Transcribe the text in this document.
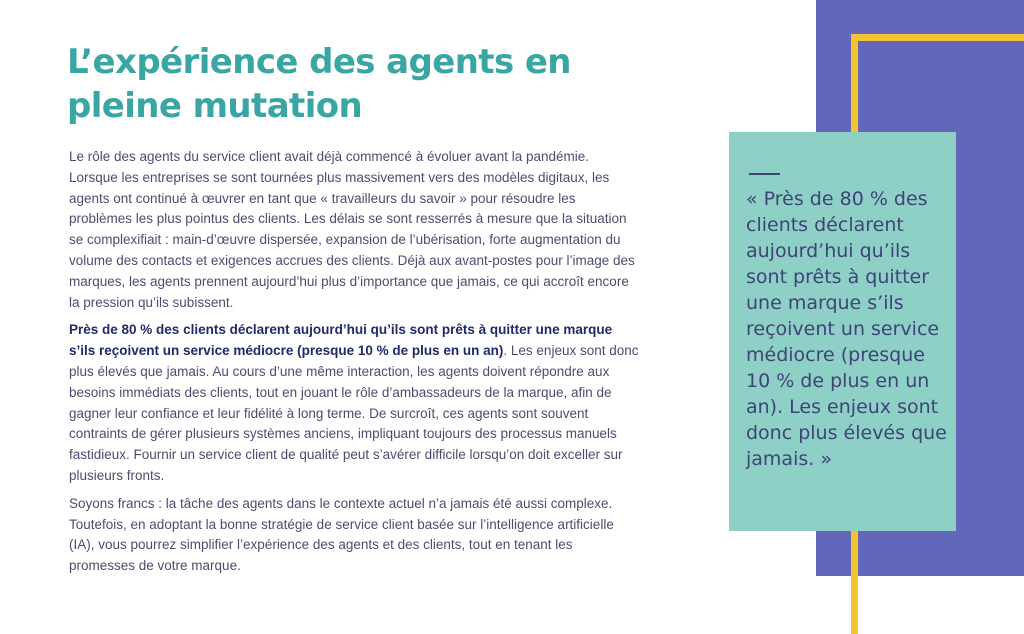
L’expérience des agents en pleine mutation

Le rôle des agents du service client avait déjà commencé à évoluer avant la pandémie. Lorsque les entreprises se sont tournées plus massivement vers des modèles digitaux, les agents ont continué à œuvrer en tant que « travailleurs du savoir » pour résoudre les problèmes les plus pointus des clients. Les délais se sont resserrés à mesure que la situation se complexifiait : main-d’œuvre dispersée, expansion de l’ubérisation, forte augmentation du volume des contacts et exigences accrues des clients. Déjà aux avant-postes pour l’image des marques, les agents prennent aujourd’hui plus d’importance que jamais, ce qui accroît encore la pression qu’ils subissent.

Près de 80 % des clients déclarent aujourd’hui qu’ils sont prêts à quitter une marque s’ils reçoivent un service médiocre (presque 10 % de plus en un an). Les enjeux sont donc plus élevés que jamais. Au cours d’une même interaction, les agents doivent répondre aux besoins immédiats des clients, tout en jouant le rôle d’ambassadeurs de la marque, afin de gagner leur confiance et leur fidélité à long terme. De surcroît, ces agents sont souvent contraints de gérer plusieurs systèmes anciens, impliquant toujours des processus manuels fastidieux. Fournir un service client de qualité peut s’avérer difficile lorsqu’on doit exceller sur plusieurs fronts.

Soyons francs : la tâche des agents dans le contexte actuel n’a jamais été aussi complexe. Toutefois, en adoptant la bonne stratégie de service client basée sur l’intelligence artificielle (IA), vous pourrez simplifier l’expérience des agents et des clients, tout en tenant les promesses de votre marque.

« Près de 80 % des clients déclarent aujourd’hui qu’ils sont prêts à quitter une marque s’ils reçoivent un service médiocre (presque 10 % de plus en un an). Les enjeux sont donc plus élevés que jamais. »
